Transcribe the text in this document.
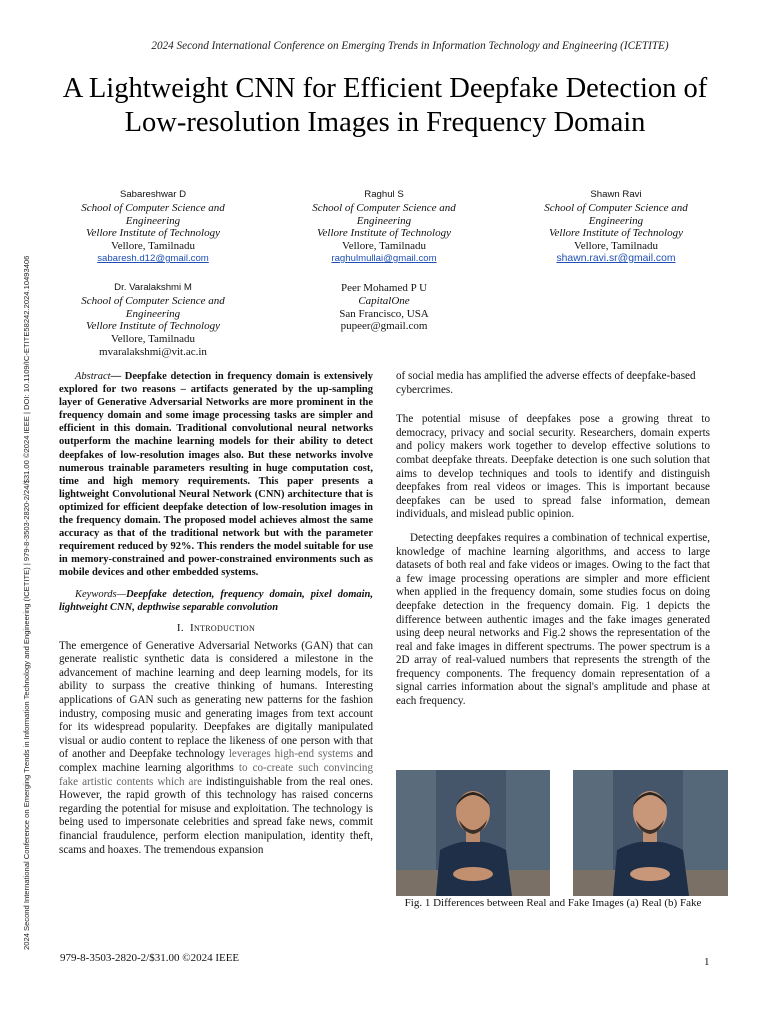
2024 Second International Conference on Emerging Trends in Information Technology and Engineering (ICETITE)
2024 Second International Conference on Emerging Trends in Information Technology and Engineering (ICETITE) | 979-8-3503-2820-2/24/$31.00 ©2024 IEEE | DOI: 10.1109/IC-ETITE58242.2024.10493406
A Lightweight CNN for Efficient Deepfake Detection of Low-resolution Images in Frequency Domain
Sabareshwar D
School of Computer Science and Engineering
Vellore Institute of Technology
Vellore, Tamilnadu
sabaresh.d12@gmail.com
Raghul S
School of Computer Science and Engineering
Vellore Institute of Technology
Vellore, Tamilnadu
raghulmullai@gmail.com
Shawn Ravi
School of Computer Science and Engineering
Vellore Institute of Technology
Vellore, Tamilnadu
shawn.ravi.sr@gmail.com
Dr. Varalakshmi M
School of Computer Science and Engineering
Vellore Institute of Technology
Vellore, Tamilnadu
mvaralakshmi@vit.ac.in
Peer Mohamed P U
CapitalOne
San Francisco, USA
pupeer@gmail.com
Abstract— Deepfake detection in frequency domain is extensively explored for two reasons – artifacts generated by the up-sampling layer of Generative Adversarial Networks are more prominent in the frequency domain and some image processing tasks are simpler and efficient in this domain. Traditional convolutional neural networks outperform the machine learning models for their ability to detect deepfakes of low-resolution images also. But these networks involve numerous trainable parameters resulting in huge computation cost, time and high memory requirements. This paper presents a lightweight Convolutional Neural Network (CNN) architecture that is optimized for efficient deepfake detection of low-resolution images in the frequency domain. The proposed model achieves almost the same accuracy as that of the traditional network but with the parameter requirement reduced by 92%. This renders the model suitable for use in memory-constrained and power-constrained environments such as mobile devices and other embedded systems.
Keywords—Deepfake detection, frequency domain, pixel domain, lightweight CNN, depthwise separable convolution
I. Introduction
The emergence of Generative Adversarial Networks (GAN) that can generate realistic synthetic data is considered a milestone in the advancement of machine learning and deep learning models, for its ability to surpass the creative thinking of humans. Interesting applications of GAN such as generating new patterns for the fashion industry, composing music and generating images from text account for its widespread popularity. Deepfakes are digitally manipulated visual or audio content to replace the likeness of one person with that of another and Deepfake technology leverages high-end systems and complex machine learning algorithms to co-create such convincing fake artistic contents which are indistinguishable from the real ones. However, the rapid growth of this technology has raised concerns regarding the potential for misuse and exploitation. The technology is being used to impersonate celebrities and spread fake news, commit financial fraudulence, perform election manipulation, identity theft, scams and hoaxes. The tremendous expansion
of social media has amplified the adverse effects of deepfake-based cybercrimes.
The potential misuse of deepfakes pose a growing threat to democracy, privacy and social security. Researchers, domain experts and policy makers work together to develop effective solutions to combat deepfake threats. Deepfake detection is one such solution that aims to develop techniques and tools to identify and distinguish deepfakes from real videos or images. This is important because deepfakes can be used to spread false information, demean individuals, and mislead public opinion.
Detecting deepfakes requires a combination of technical expertise, knowledge of machine learning algorithms, and access to large datasets of both real and fake videos or images. Owing to the fact that a few image processing operations are simpler and more efficient when applied in the frequency domain, some studies focus on doing deepfake detection in the frequency domain. Fig. 1 depicts the difference between authentic images and the fake images generated using deep neural networks and Fig.2 shows the representation of the real and fake images in different spectrums. The power spectrum is a 2D array of real-valued numbers that represents the strength of the frequency components. The frequency domain representation of a signal carries information about the signal's amplitude and phase at each frequency.
Fig. 1 Differences between Real and Fake Images (a) Real (b) Fake
979-8-3503-2820-2/$31.00 ©2024 IEEE	1
